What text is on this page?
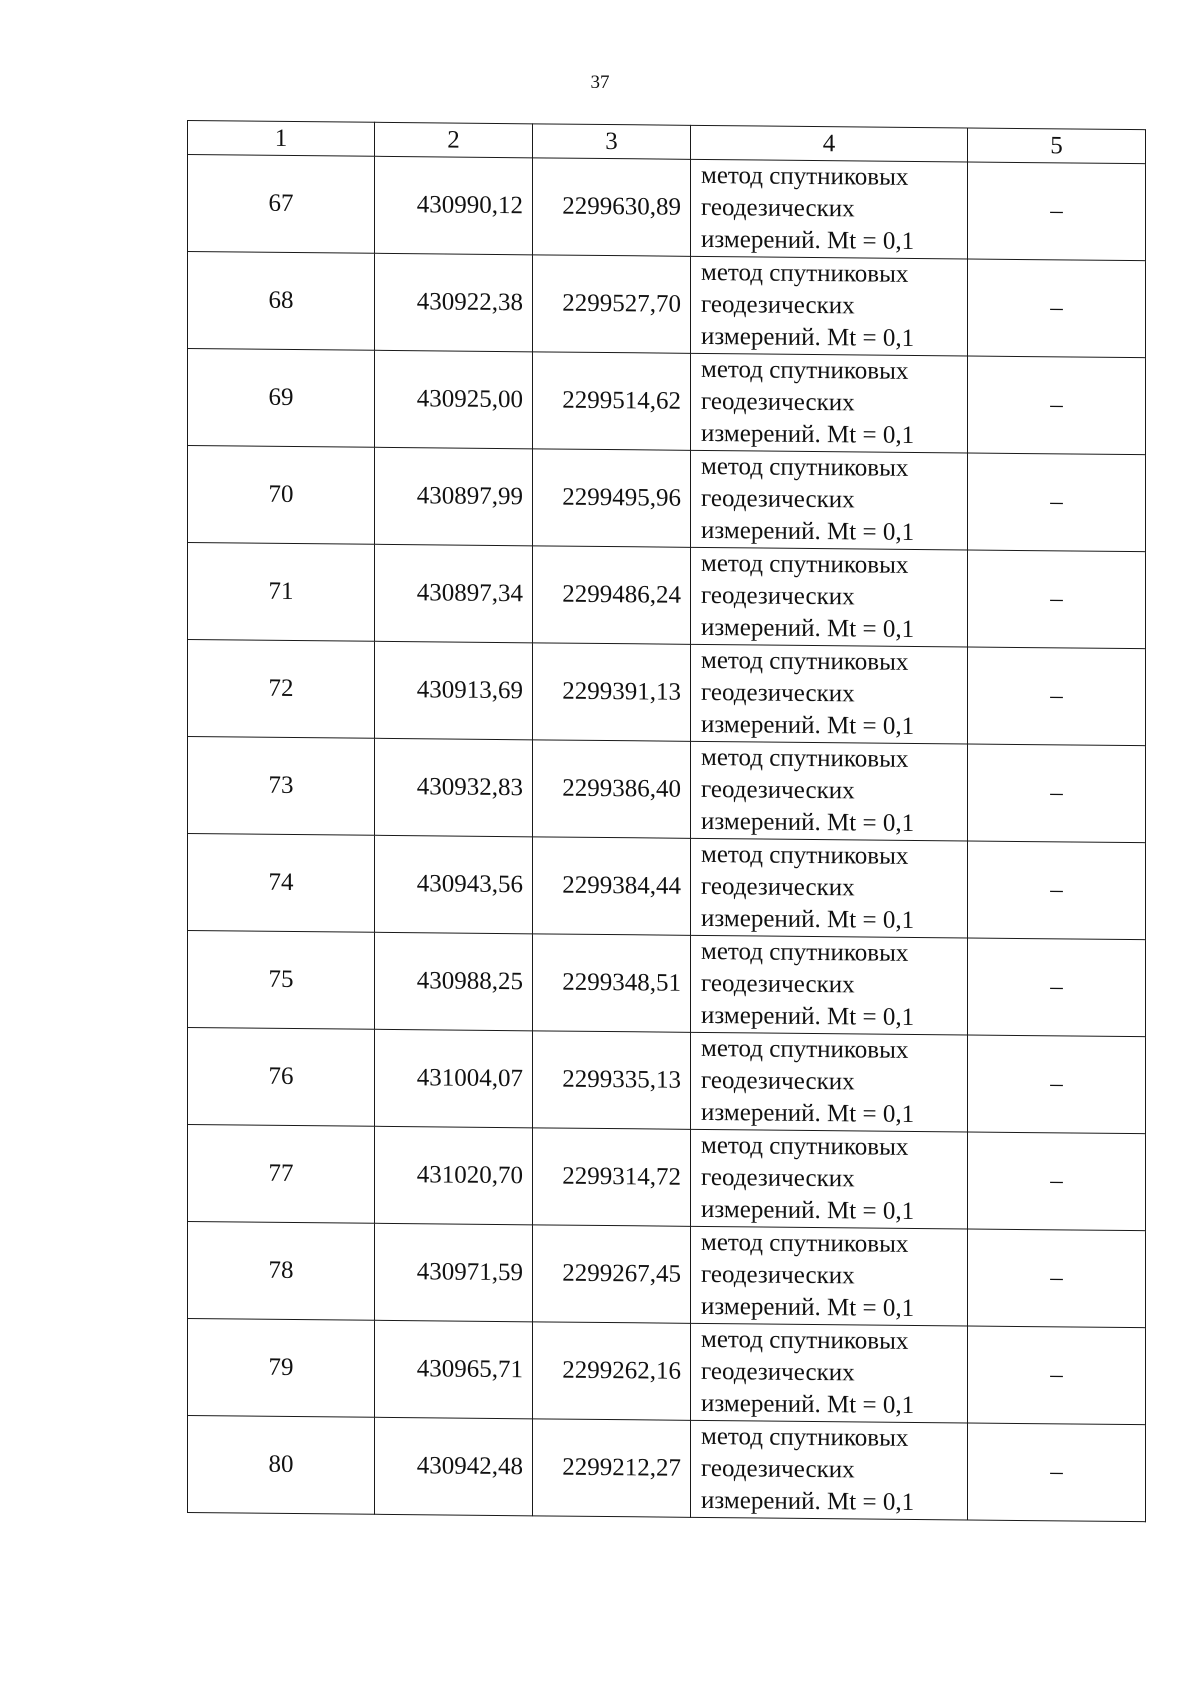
37
1	2	3	4	5
67	430990,12	2299630,89	метод спутниковых
геодезических
измерений. Mt = 0,1	–
68	430922,38	2299527,70	метод спутниковых
геодезических
измерений. Mt = 0,1	–
69	430925,00	2299514,62	метод спутниковых
геодезических
измерений. Mt = 0,1	–
70	430897,99	2299495,96	метод спутниковых
геодезических
измерений. Mt = 0,1	–
71	430897,34	2299486,24	метод спутниковых
геодезических
измерений. Mt = 0,1	–
72	430913,69	2299391,13	метод спутниковых
геодезических
измерений. Mt = 0,1	–
73	430932,83	2299386,40	метод спутниковых
геодезических
измерений. Mt = 0,1	–
74	430943,56	2299384,44	метод спутниковых
геодезических
измерений. Mt = 0,1	–
75	430988,25	2299348,51	метод спутниковых
геодезических
измерений. Mt = 0,1	–
76	431004,07	2299335,13	метод спутниковых
геодезических
измерений. Mt = 0,1	–
77	431020,70	2299314,72	метод спутниковых
геодезических
измерений. Mt = 0,1	–
78	430971,59	2299267,45	метод спутниковых
геодезических
измерений. Mt = 0,1	–
79	430965,71	2299262,16	метод спутниковых
геодезических
измерений. Mt = 0,1	–
80	430942,48	2299212,27	метод спутниковых
геодезических
измерений. Mt = 0,1	–
